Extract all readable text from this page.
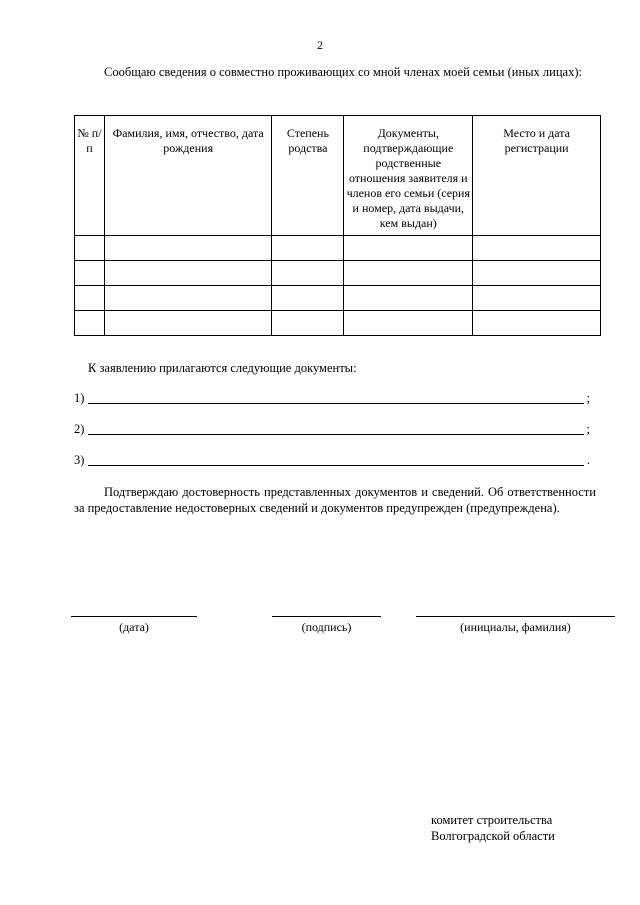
2
Сообщаю сведения о совместно проживающих со мной членах моей семьи (иных лицах):
№ п/п	Фамилия, имя, отчество, дата рождения	Степень родства	Документы, подтверждающие родственные отношения заявителя и членов его семьи (серия и номер, дата выдачи, кем выдан)	Место и дата регистрации

К заявлению прилагаются следующие документы:
1)	;
2)	;
3)	.
Подтверждаю достоверность представленных документов и сведений. Об ответственности за предоставление недостоверных сведений и документов предупрежден (предупреждена).
(дата)	(подпись)	(инициалы, фамилия)
комитет строительства
Волгоградской области
